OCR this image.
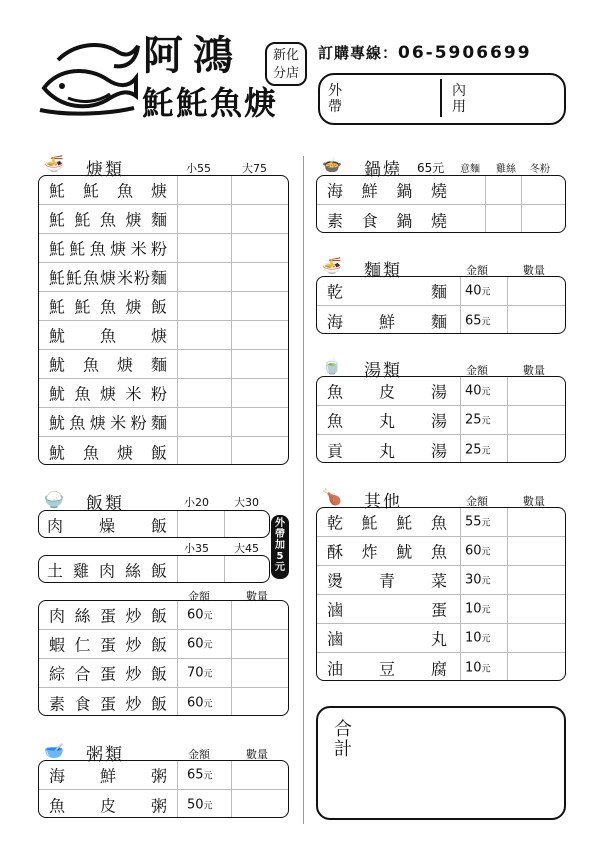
阿鴻
魠魠魚焿
新化
分店
訂購專線：06-5906699
外
帶
內
用
🍜 焿類	小55	大75
魠 魠 魚 焿
魠 魠 魚 焿 麵
魠 魠 魚 焿 米 粉
魠 魠 魚 焿 米 粉 麵
魠 魠 魚 焿 飯
魷 魚 焿
魷 魚 焿 麵
魷 魚 焿 米 粉
魷 魚 焿 米 粉 麵
魷 魚 焿 飯
🍚 飯類	小20 大30
肉 燥 飯
小35 大45
土 雞 肉 絲 飯
外
帶
加
5
元
金額	數量
肉 絲 蛋 炒 飯 60元
蝦 仁 蛋 炒 飯 60元
綜 合 蛋 炒 飯 70元
素 食 蛋 炒 飯 60元
🥣 粥類	金額	數量
海 鮮 粥 65元
魚 皮 粥 50元
🍲 鍋燒 65元 意麵 雞絲 冬粉
海 鮮 鍋 燒
素 食 鍋 燒
🍜 麵類	金額	數量
乾	麵 40元
海 鮮 麵 65元
🍵 湯類	金額	數量
魚 皮 湯 40元
魚 丸 湯 25元
貢 丸 湯 25元
🍗 其他	金額	數量
乾 魠 魠 魚 55元
酥 炸 魷 魚 60元
燙 青 菜 30元
滷	蛋 10元
滷	丸 10元
油 豆 腐 10元
合
計
